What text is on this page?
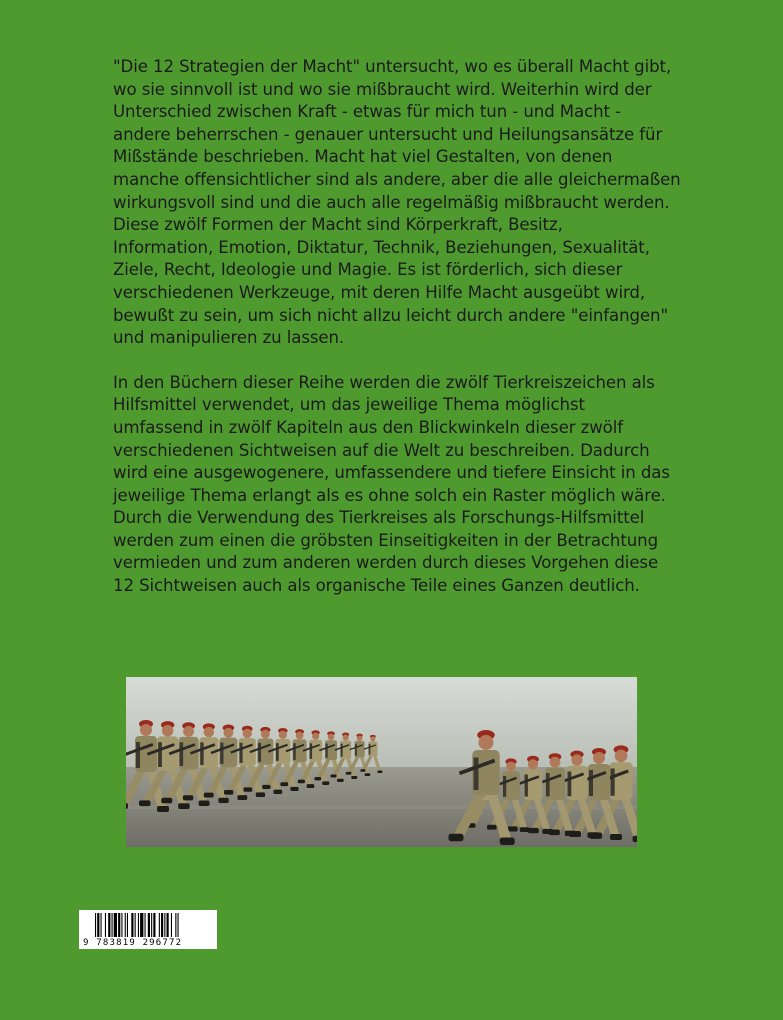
"Die 12 Strategien der Macht" untersucht, wo es überall Macht gibt,
wo sie sinnvoll ist und wo sie mißbraucht wird. Weiterhin wird der
Unterschied zwischen Kraft - etwas für mich tun - und Macht -
andere beherrschen - genauer untersucht und Heilungsansätze für
Mißstände beschrieben. Macht hat viel Gestalten, von denen
manche offensichtlicher sind als andere, aber die alle gleichermaßen
wirkungsvoll sind und die auch alle regelmäßig mißbraucht werden.
Diese zwölf Formen der Macht sind Körperkraft, Besitz,
Information, Emotion, Diktatur, Technik, Beziehungen, Sexualität,
Ziele, Recht, Ideologie und Magie. Es ist förderlich, sich dieser
verschiedenen Werkzeuge, mit deren Hilfe Macht ausgeübt wird,
bewußt zu sein, um sich nicht allzu leicht durch andere "einfangen"
und manipulieren zu lassen.

In den Büchern dieser Reihe werden die zwölf Tierkreiszeichen als
Hilfsmittel verwendet, um das jeweilige Thema möglichst
umfassend in zwölf Kapiteln aus den Blickwinkeln dieser zwölf
verschiedenen Sichtweisen auf die Welt zu beschreiben. Dadurch
wird eine ausgewogenere, umfassendere und tiefere Einsicht in das
jeweilige Thema erlangt als es ohne solch ein Raster möglich wäre.
Durch die Verwendung des Tierkreises als Forschungs-Hilfsmittel
werden zum einen die gröbsten Einseitigkeiten in der Betrachtung
vermieden und zum anderen werden durch dieses Vorgehen diese
12 Sichtweisen auch als organische Teile eines Ganzen deutlich.

9 783819 296772
